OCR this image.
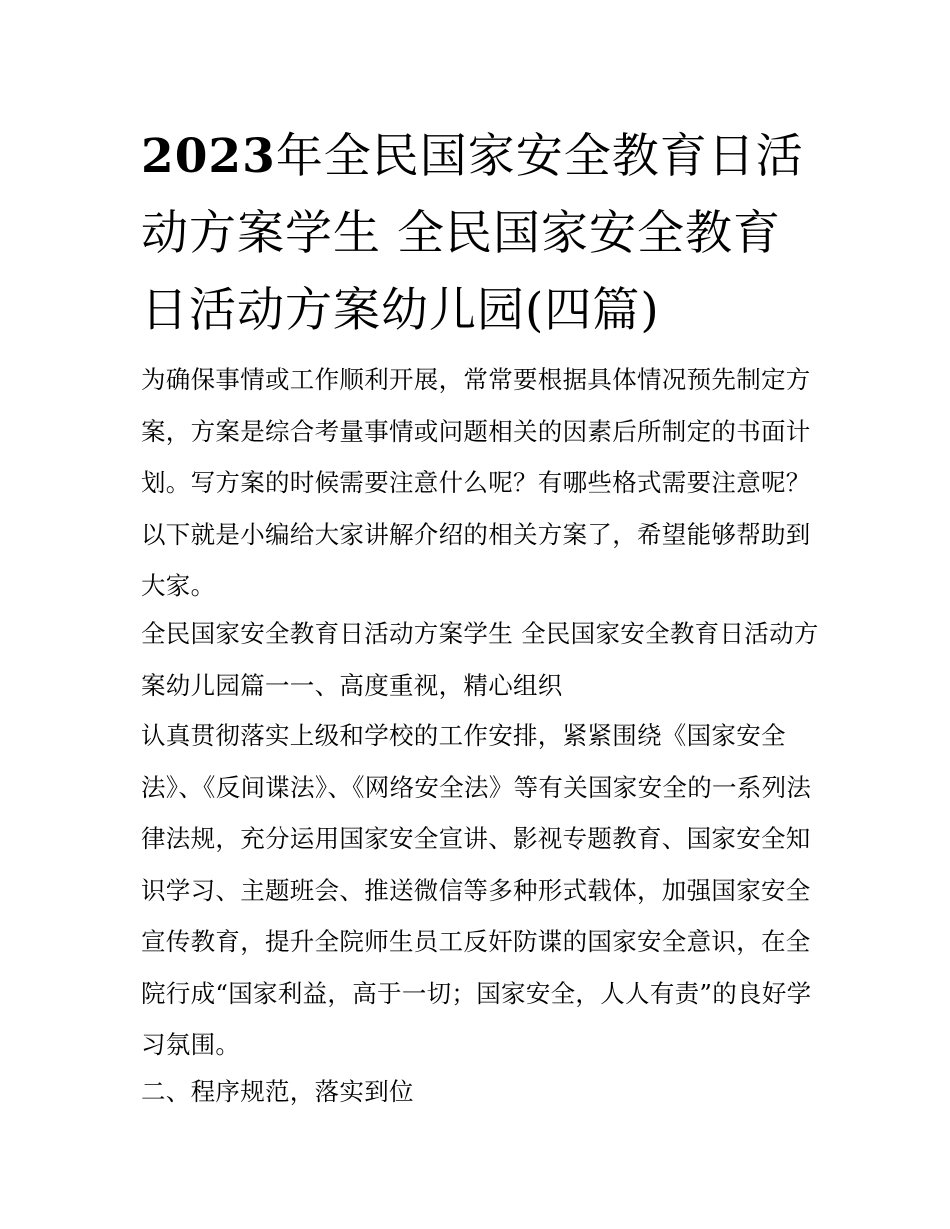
2023年全民国家安全教育日活动方案学生 全民国家安全教育日活动方案幼儿园(四篇)

为确保事情或工作顺利开展，常常要根据具体情况预先制定方案，方案是综合考量事情或问题相关的因素后所制定的书面计划。写方案的时候需要注意什么呢？有哪些格式需要注意呢？以下就是小编给大家讲解介绍的相关方案了，希望能够帮助到大家。

全民国家安全教育日活动方案学生 全民国家安全教育日活动方案幼儿园篇一一、高度重视，精心组织

认真贯彻落实上级和学校的工作安排，紧紧围绕《国家安全法》、《反间谍法》、《网络安全法》等有关国家安全的一系列法律法规，充分运用国家安全宣讲、影视专题教育、国家安全知识学习、主题班会、推送微信等多种形式载体，加强国家安全宣传教育，提升全院师生员工反奸防谍的国家安全意识，在全院行成“国家利益，高于一切；国家安全，人人有责”的良好学习氛围。

二、程序规范，落实到位
